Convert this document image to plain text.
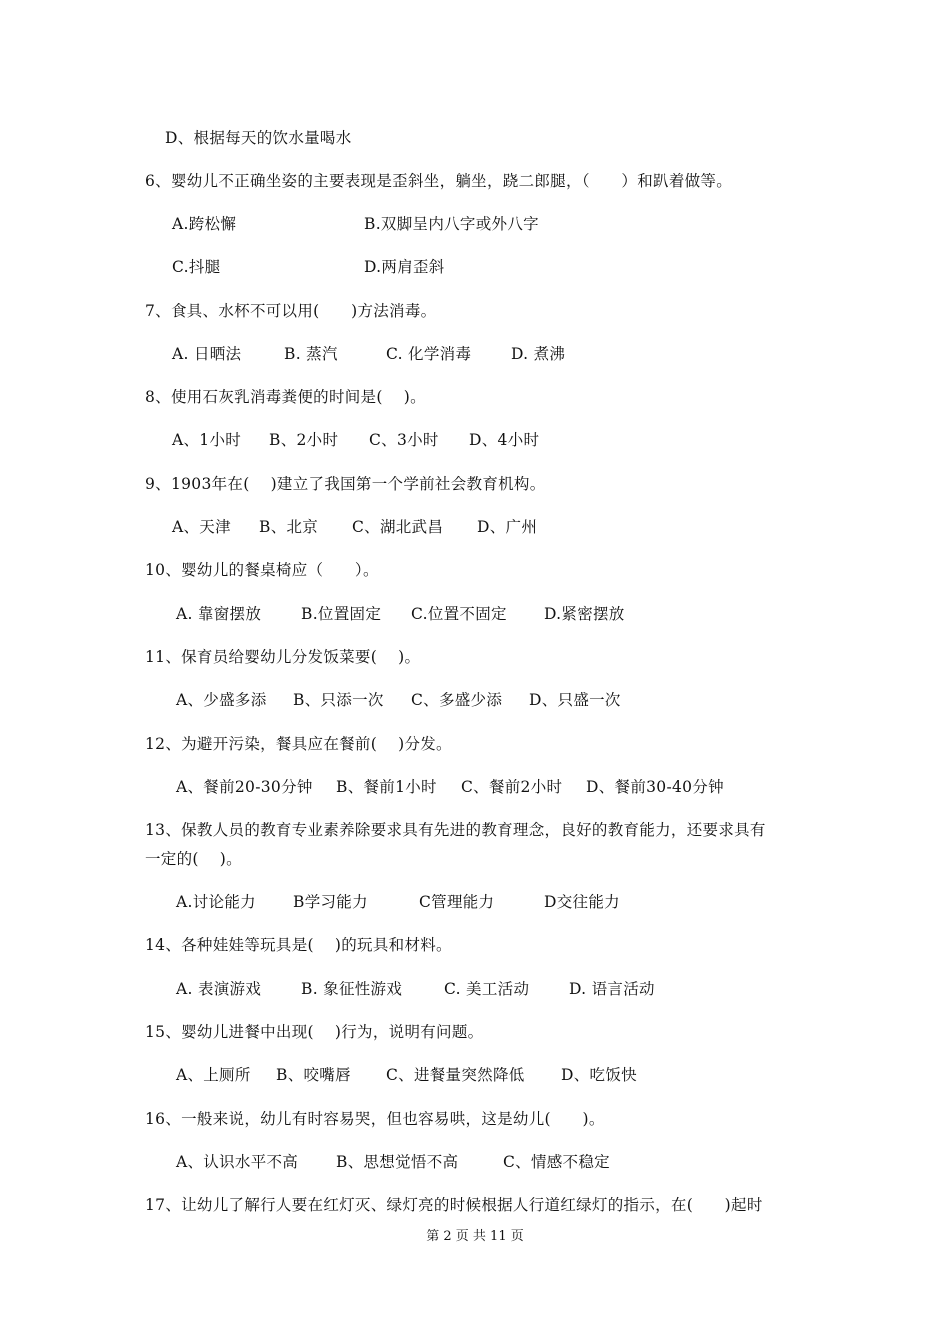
D、根据每天的饮水量喝水
6、婴幼儿不正确坐姿的主要表现是歪斜坐，躺坐，跷二郎腿，（　　）和趴着做等。

A.跨松懈

	B.双脚呈内八字或外八字

C.抖腿

	D.两肩歪斜

7、食具、水杯不可以用(　　)方法消毒。

A. 日晒法

	B. 蒸汽

	C. 化学消毒

	D. 煮沸

8、使用石灰乳消毒粪便的时间是(　 )。

A、1小时

B、2小时

C、3小时

D、4小时

9、1903年在(　 )建立了我国第一个学前社会教育机构。

A、天津

B、北京

C、湖北武昌

D、广州

10、婴幼儿的餐桌椅应（　　）。

A. 靠窗摆放

	B.位置固定

C.位置不固定

D.紧密摆放

11、保育员给婴幼儿分发饭菜要(　 )。

A、少盛多添

B、只添一次

C、多盛少添

D、只盛一次

12、为避开污染，餐具应在餐前(　 )分发。

A、餐前20-30分钟

B、餐前1小时

C、餐前2小时

D、餐前30-40分钟

13、保教人员的教育专业素养除要求具有先进的教育理念，良好的教育能力，还要求具有
一定的(　 )。

A.讨论能力

B学习能力

	C管理能力

	D交往能力

14、各种娃娃等玩具是(　 )的玩具和材料。

A. 表演游戏

	B. 象征性游戏

	C. 美工活动

	D. 语言活动

15、婴幼儿进餐中出现(　 )行为，说明有问题。

A、上厕所

B、咬嘴唇

C、进餐量突然降低

D、吃饭快

16、一般来说，幼儿有时容易哭，但也容易哄，这是幼儿(　　)。

A、认识水平不高

B、思想觉悟不高

	C、情感不稳定

17、让幼儿了解行人要在红灯灭、绿灯亮的时候根据人行道红绿灯的指示，在(　　)起时
第 2 页 共 11 页
